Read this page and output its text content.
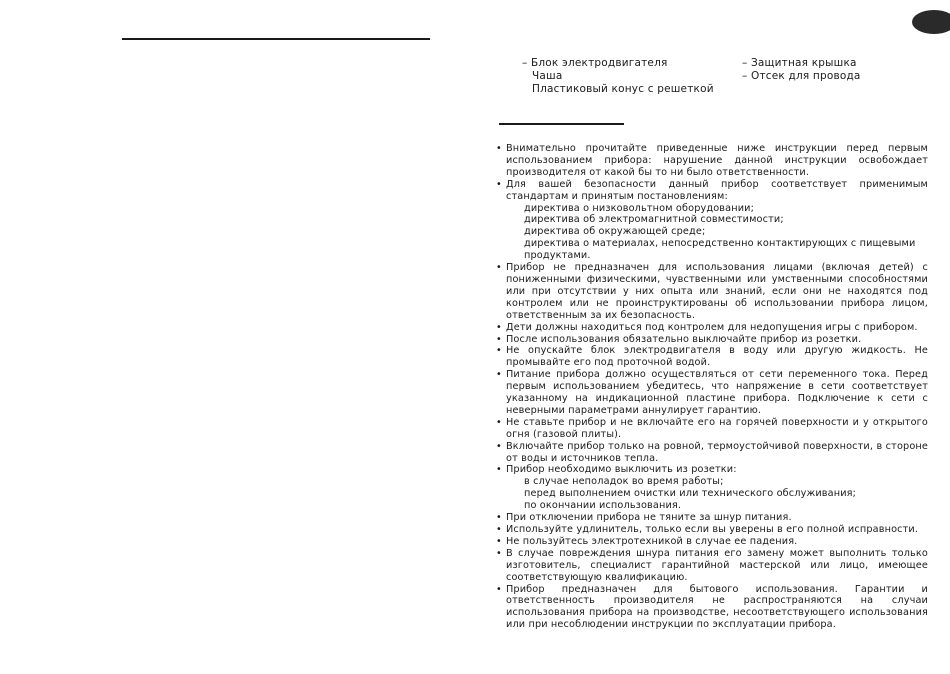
– Блок электродвигателя
Чаша
Пластиковый конус с решеткой
– Защитная крышка
– Отсек для провода
• Внимательно прочитайте приведенные ниже инструкции перед первым использованием прибора: нарушение данной инструкции освобождает производителя от какой бы то ни было ответственности.
• Для вашей безопасности данный прибор соответствует применимым стандартам и принятым постановлениям:
директива о низковольтном оборудовании;
директива об электромагнитной совместимости;
директива об окружающей среде;
директива о материалах, непосредственно контактирующих с пищевыми продуктами.
• Прибор не предназначен для использования лицами (включая детей) с пониженными физическими, чувственными или умственными способностями или при отсутствии у них опыта или знаний, если они не находятся под контролем или не проинструктированы об использовании прибора лицом, ответственным за их безопасность.
• Дети должны находиться под контролем для недопущения игры с прибором.
• После использования обязательно выключайте прибор из розетки.
• Не опускайте блок электродвигателя в воду или другую жидкость. Не промывайте его под проточной водой.
• Питание прибора должно осуществляться от сети переменного тока. Перед первым использованием убедитесь, что напряжение в сети соответствует указанному на индикационной пластине прибора. Подключение к сети с неверными параметрами аннулирует гарантию.
• Не ставьте прибор и не включайте его на горячей поверхности и у открытого огня (газовой плиты).
• Включайте прибор только на ровной, термоустойчивой поверхности, в стороне от воды и источников тепла.
• Прибор необходимо выключить из розетки:
в случае неполадок во время работы;
перед выполнением очистки или технического обслуживания;
по окончании использования.
• При отключении прибора не тяните за шнур питания.
• Используйте удлинитель, только если вы уверены в его полной исправности.
• Не пользуйтесь электротехникой в случае ее падения.
• В случае повреждения шнура питания его замену может выполнить только изготовитель, специалист гарантийной мастерской или лицо, имеющее соответствующую квалификацию.
• Прибор предназначен для бытового использования. Гарантии и ответственность производителя не распространяются на случаи использования прибора на производстве, несоответствующего использования или при несоблюдении инструкции по эксплуатации прибора.
